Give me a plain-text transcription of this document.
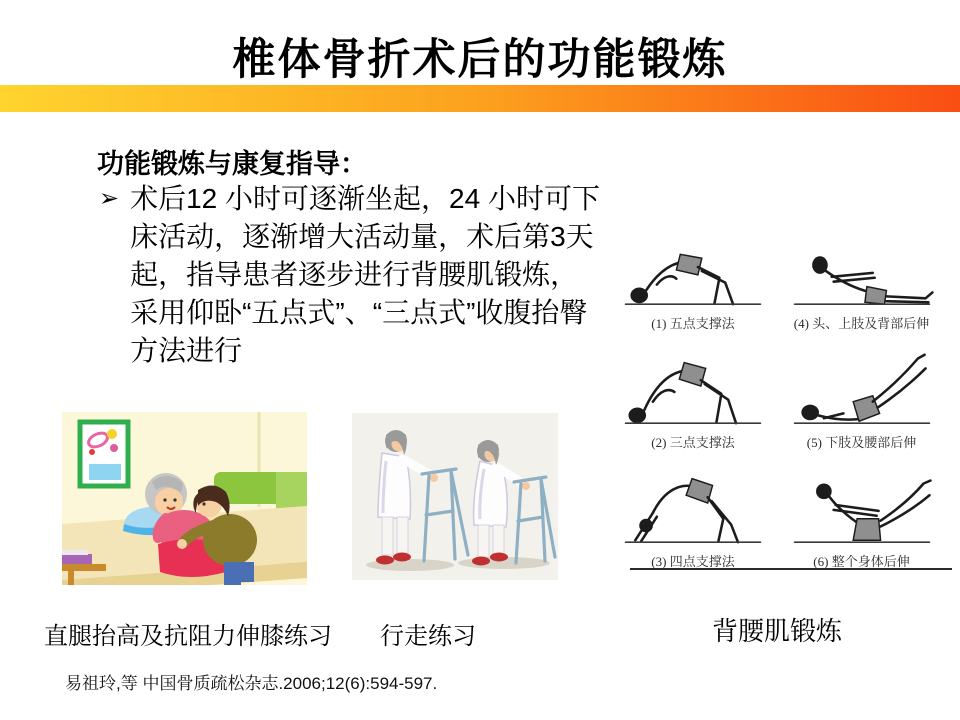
椎体骨折术后的功能锻炼
功能锻炼与康复指导：
➢ 术后12 小时可逐渐坐起，24 小时可下床活动，逐渐增大活动量，术后第3天起，指导患者逐步进行背腰肌锻炼，采用仰卧“五点式”、“三点式”收腹抬臀方法进行
(1) 五点支撑法	(4) 头、上肢及背部后伸
(2) 三点支撑法	(5) 下肢及腰部后伸
(3) 四点支撑法	(6) 整个身体后伸
直腿抬高及抗阻力伸膝练习 行走练习	背腰肌锻炼
易祖玲,等 中国骨质疏松杂志.2006;12(6):594-597.
